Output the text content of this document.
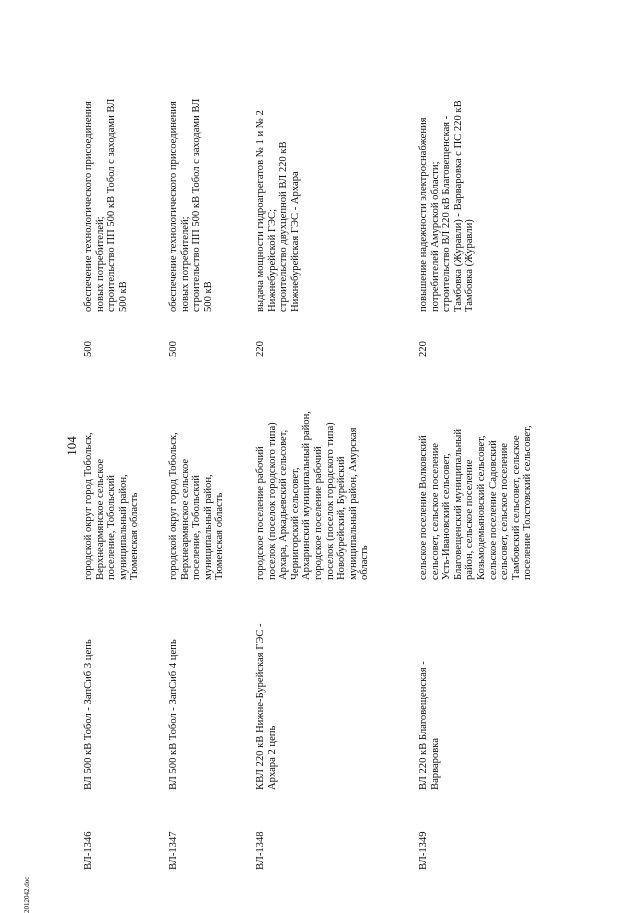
104
ВЛ-1346
ВЛ 500 кВ Тобол - ЗапСиб 3 цепь
городской округ город Тобольск,
Верхнеармянское сельское
поселение, Тобольский
муниципальный район,
Тюменская область
500
обеспечение технологического присоединения
новых потребителей;
строительство ПП 500 кВ Тобол с заходами ВЛ
500 кВ
ВЛ-1347
ВЛ 500 кВ Тобол - ЗапСиб 4 цепь
городской округ город Тобольск,
Верхнеармянское сельское
поселение, Тобольский
муниципальный район,
Тюменская область
500
обеспечение технологического присоединения
новых потребителей;
строительство ПП 500 кВ Тобол с заходами ВЛ
500 кВ
ВЛ-1348
КВЛ 220 кВ Нижне-Бурейская ГЭС -
Архара 2 цепь
городское поселение рабочий
поселок (поселок городского типа)
Архара, Аркадьевский сельсовет,
Чернигорский сельсовет,
Архаринский муниципальный район,
городское поселение рабочий
поселок (поселок городского типа)
Новобурейский, Бурейский
муниципальный район, Амурская
область
220
выдача мощности гидроагрегатов № 1 и № 2
Нижнебурейской ГЭС;
строительство двухцепной ВЛ 220 кВ
Нижнебурейская ГЭС - Архара
ВЛ-1349
ВЛ 220 кВ Благовещенская -
Варваровка
сельское поселение Волковский
сельсовет, сельское поселение
Усть-Ивановский сельсовет,
Благовещенский муниципальный
район, сельское поселение
Козьмодемьяновский сельсовет,
сельское поселение Садовский
сельсовет, сельское поселение
Тамбовский сельсовет, сельское
поселение Толстовский сельсовет,
220
повышение надежности электроснабжения
потребителей Амурской области;
строительство ВЛ 220 кВ Благовещенская -
Тамбовка (Журавли) - Варваровка с ПС 220 кВ
Тамбовка (Журавли)
2012042.doc
